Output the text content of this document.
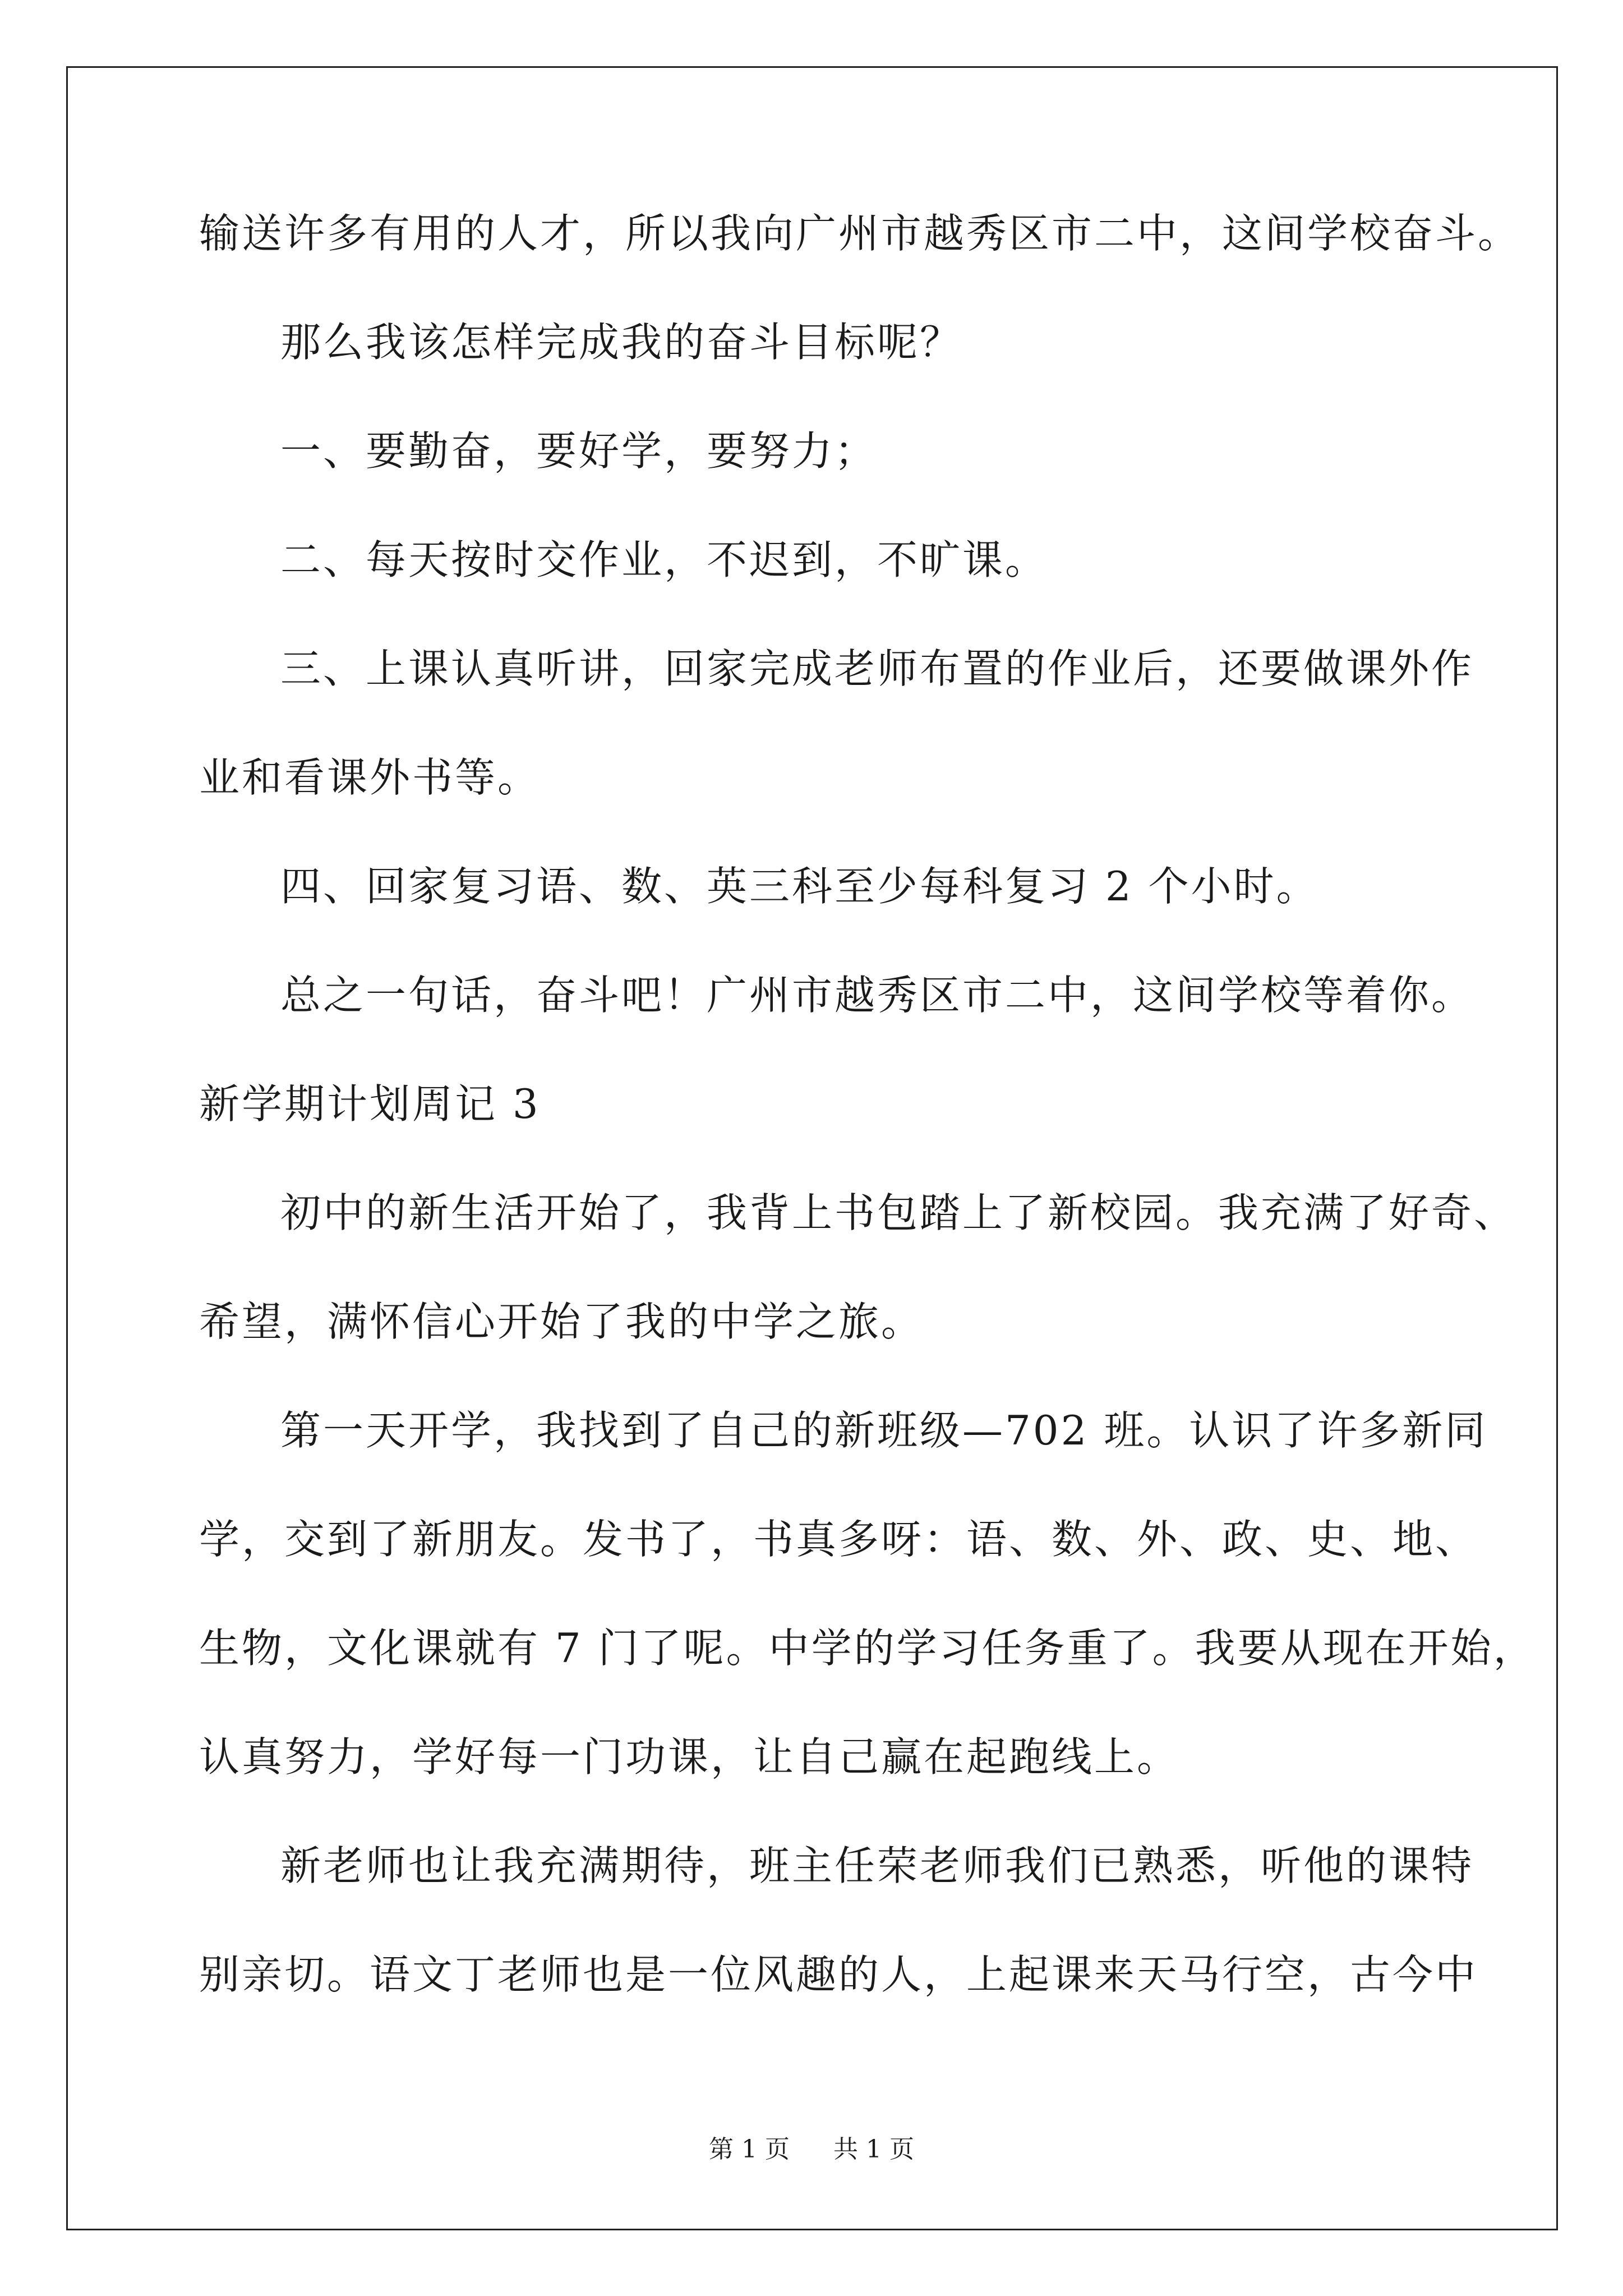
输送许多有用的人才，所以我向广州市越秀区市二中，这间学校奋斗。
那么我该怎样完成我的奋斗目标呢？
一、要勤奋，要好学，要努力；
二、每天按时交作业，不迟到，不旷课。
三、上课认真听讲，回家完成老师布置的作业后，还要做课外作
业和看课外书等。
四、回家复习语、数、英三科至少每科复习 2 个小时。
总之一句话，奋斗吧！广州市越秀区市二中，这间学校等着你。
新学期计划周记 3
初中的新生活开始了，我背上书包踏上了新校园。我充满了好奇、
希望，满怀信心开始了我的中学之旅。
第一天开学，我找到了自己的新班级—702 班。认识了许多新同
学，交到了新朋友。发书了，书真多呀：语、数、外、政、史、地、
生物，文化课就有 7 门了呢。中学的学习任务重了。我要从现在开始，
认真努力，学好每一门功课，让自己赢在起跑线上。
新老师也让我充满期待，班主任荣老师我们已熟悉，听他的课特
别亲切。语文丁老师也是一位风趣的人，上起课来天马行空，古今中
第 1 页 共 1 页
